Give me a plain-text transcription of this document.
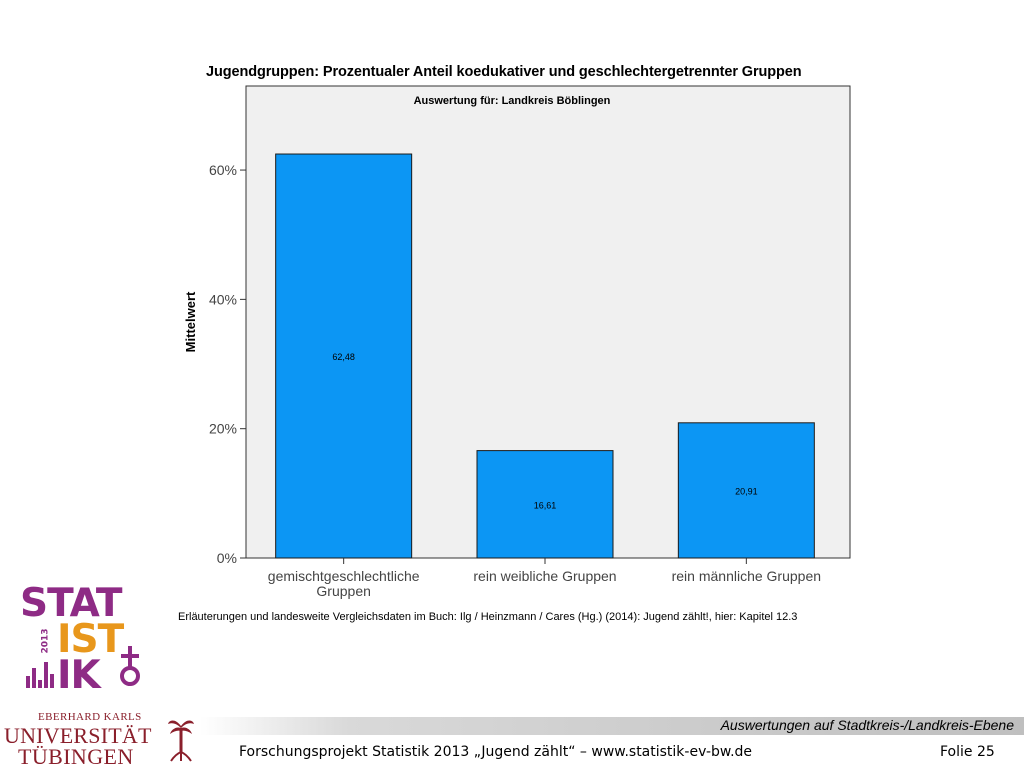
Jugendgruppen: Prozentualer Anteil koedukativer und geschlechtergetrennter Gruppen
Auswertung für: Landkreis Böblingen
0%
20%
40%
60%
Mittelwert
62,48
gemischtgeschlechtliche Gruppen
16,61
rein weibliche Gruppen
20,91
rein männliche Gruppen
Erläuterungen und landesweite Vergleichsdaten im Buch: Ilg / Heinzmann / Cares (Hg.) (2014): Jugend zählt!, hier: Kapitel 12.3
STAT
IST
IK
2013
EBERHARD KARLS
UNIVERSITÄT
TÜBINGEN
Auswertungen auf Stadtkreis-/Landkreis-Ebene
Forschungsprojekt Statistik 2013 „Jugend zählt“ – www.statistik-ev-bw.de	Folie 25
